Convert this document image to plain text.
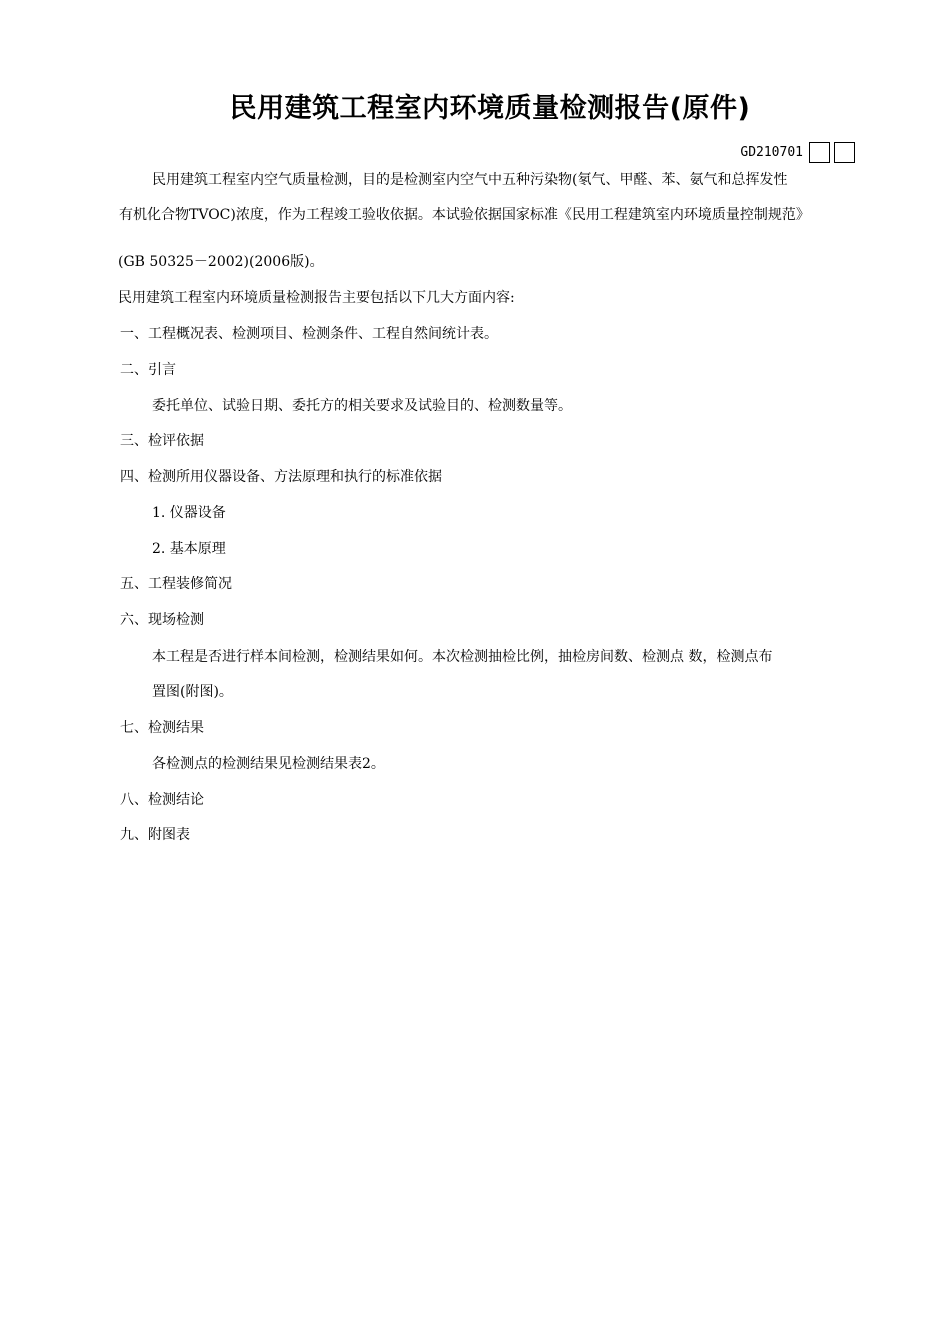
民用建筑工程室内环境质量检测报告(原件)
GD210701
民用建筑工程室内空气质量检测，目的是检测室内空气中五种污染物(氡气、甲醛、苯、氨气和总挥发性
有机化合物TVOC)浓度，作为工程竣工验收依据。本试验依据国家标准《民用工程建筑室内环境质量控制规范》
(GB 50325－2002)(2006版)。
民用建筑工程室内环境质量检测报告主要包括以下几大方面内容:
一、工程概况表、检测项目、检测条件、工程自然间统计表。
二、引言
委托单位、试验日期、委托方的相关要求及试验目的、检测数量等。
三、检评依据
四、检测所用仪器设备、方法原理和执行的标准依据
1. 仪器设备
2. 基本原理
五、工程装修简况
六、现场检测
本工程是否进行样本间检测，检测结果如何。本次检测抽检比例，抽检房间数、检测点 数，检测点布
置图(附图)。
七、检测结果
各检测点的检测结果见检测结果表2。
八、检测结论
九、附图表
